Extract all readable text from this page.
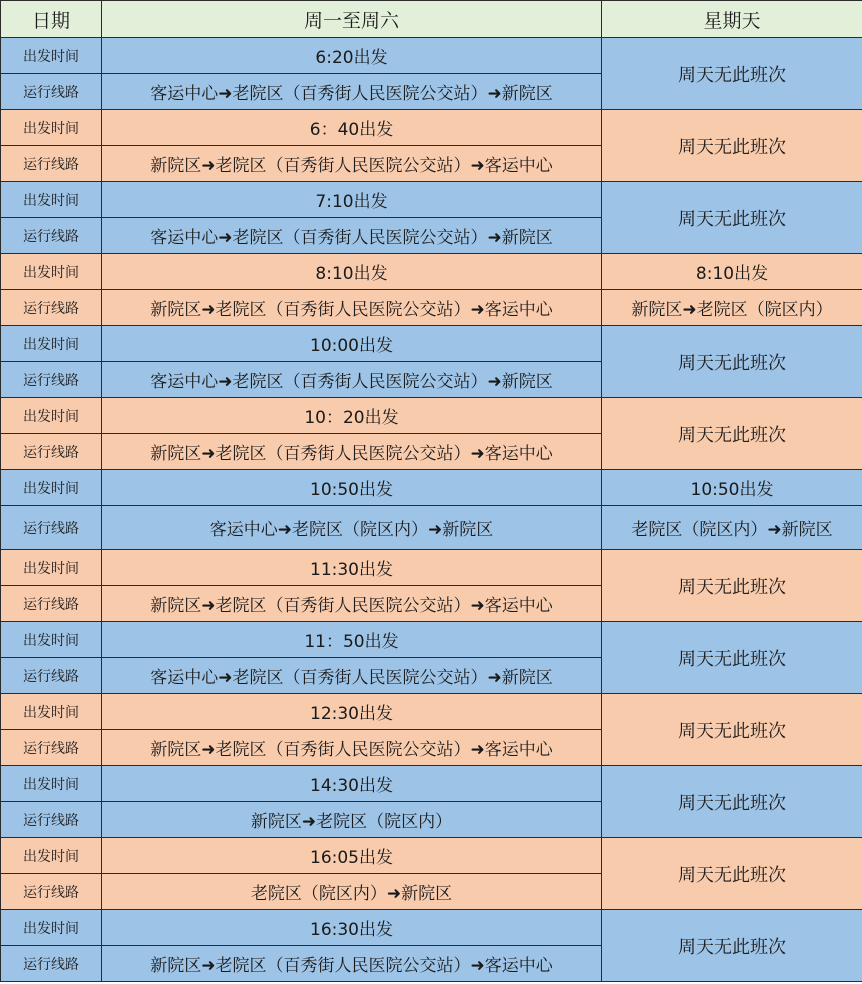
日期	周一至周六	星期天
出发时间	6:20出发	周天无此班次
运行线路	客运中心➜老院区（百秀街人民医院公交站）➜新院区	
出发时间	6：40出发	周天无此班次
运行线路	新院区➜老院区（百秀街人民医院公交站）➜客运中心	
出发时间	7:10出发	周天无此班次
运行线路	客运中心➜老院区（百秀街人民医院公交站）➜新院区	
出发时间	8:10出发	8:10出发
运行线路	新院区➜老院区（百秀街人民医院公交站）➜客运中心	新院区➜老院区（院区内）
出发时间	10:00出发	周天无此班次
运行线路	客运中心➜老院区（百秀街人民医院公交站）➜新院区	
出发时间	10：20出发	周天无此班次
运行线路	新院区➜老院区（百秀街人民医院公交站）➜客运中心	
出发时间	10:50出发	10:50出发
运行线路	客运中心➜老院区（院区内）➜新院区	老院区（院区内）➜新院区
出发时间	11:30出发	周天无此班次
运行线路	新院区➜老院区（百秀街人民医院公交站）➜客运中心	
出发时间	11：50出发	周天无此班次
运行线路	客运中心➜老院区（百秀街人民医院公交站）➜新院区	
出发时间	12:30出发	周天无此班次
运行线路	新院区➜老院区（百秀街人民医院公交站）➜客运中心	
出发时间	14:30出发	周天无此班次
运行线路	新院区➜老院区（院区内）	
出发时间	16:05出发	周天无此班次
运行线路	老院区（院区内）➜新院区	
出发时间	16:30出发	周天无此班次
运行线路	新院区➜老院区（百秀街人民医院公交站）➜客运中心	
